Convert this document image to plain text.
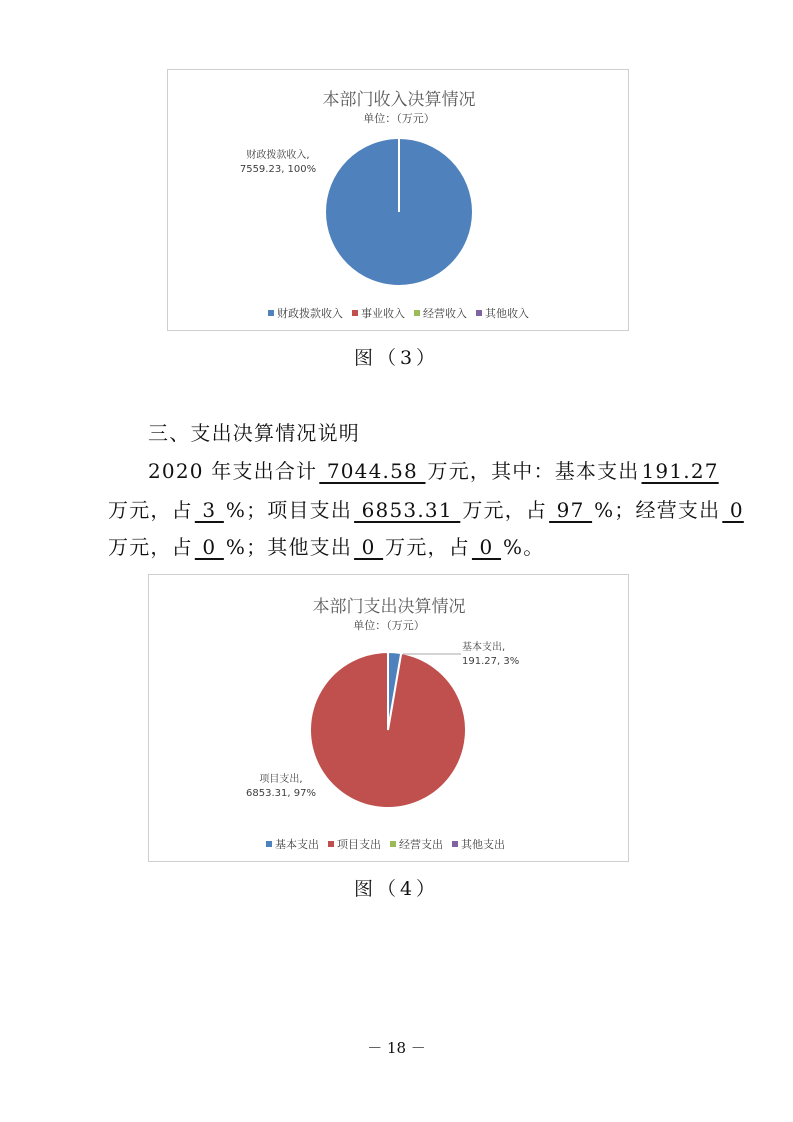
本部门收入决算情况
单位：（万元）
财政拨款收入,
7559.23, 100%
财政拨款收入 事业收入 经营收入 其他收入
图（3）
三、支出决算情况说明
2020 年支出合计 7044.58 万元，其中：基本支出 191.27
万元，占 3 %；项目支出 6853.31 万元，占 97 %；经营支出 0
万元，占 0 %；其他支出 0 万元，占 0 %。
本部门支出决算情况
单位：（万元）
基本支出,
191.27, 3%
项目支出,
6853.31, 97%
基本支出 项目支出 经营支出 其他支出
图（4）
－ 18 －
